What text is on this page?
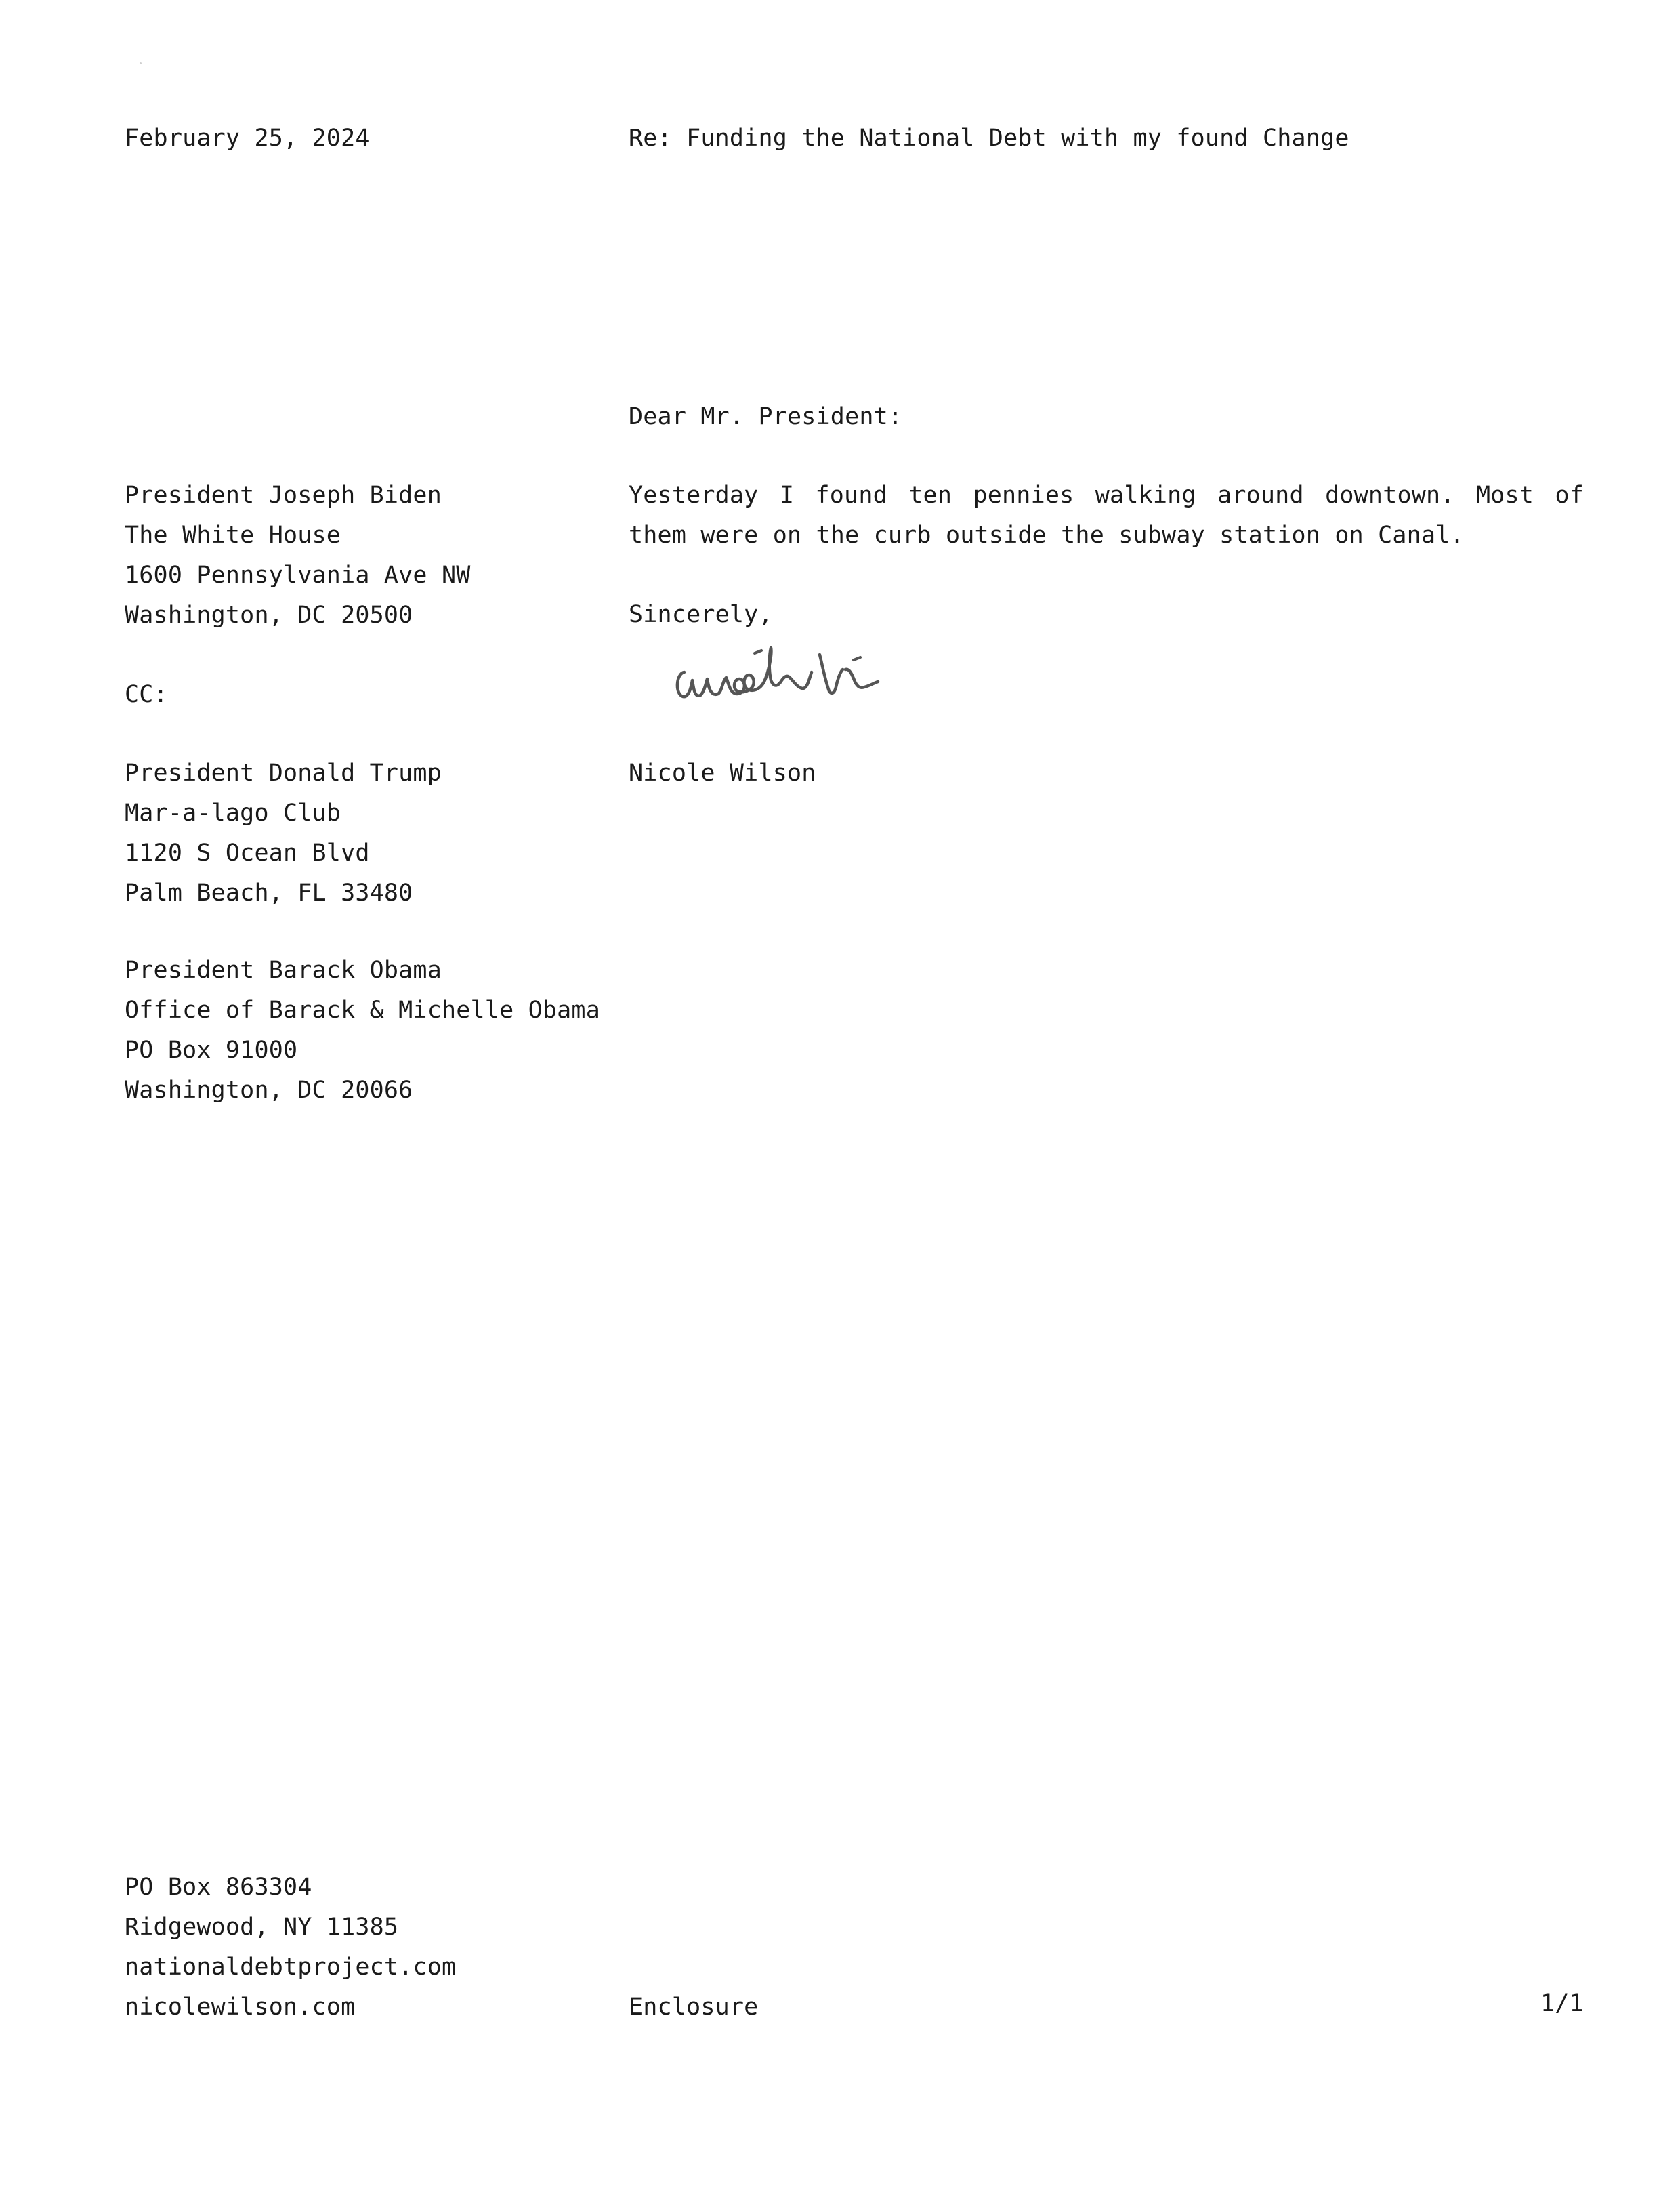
February 25, 2024	Re: Funding the National Debt with my found Change
Dear Mr. President:
President Joseph Biden
The White House
1600 Pennsylvania Ave NW
Washington, DC 20500
Yesterday I found ten pennies walking around downtown. Most of them were on the curb outside the subway station on Canal.
Sincerely,
CC:
Nicole Wilson
President Donald Trump
Mar-a-lago Club
1120 S Ocean Blvd
Palm Beach, FL 33480
President Barack Obama
Office of Barack & Michelle Obama
PO Box 91000
Washington, DC 20066
PO Box 863304
Ridgewood, NY 11385
nationaldebtproject.com
nicolewilson.com	Enclosure	1/1
